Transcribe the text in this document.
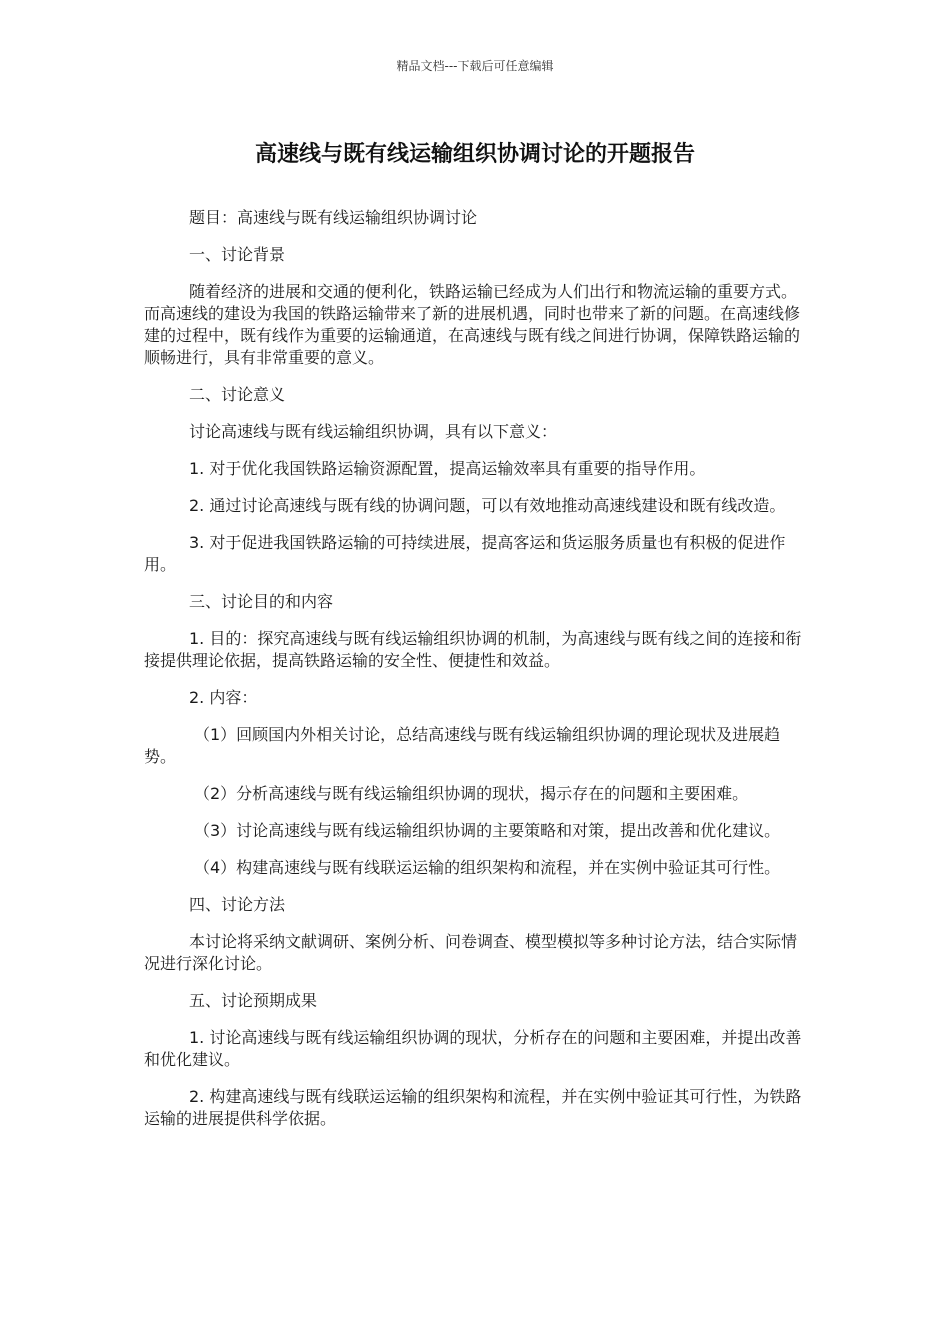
精品文档---下载后可任意编辑
高速线与既有线运输组织协调讨论的开题报告

题目：高速线与既有线运输组织协调讨论

一、讨论背景

随着经济的进展和交通的便利化，铁路运输已经成为人们出行和物流运输的重要方式。而高速线的建设为我国的铁路运输带来了新的进展机遇，同时也带来了新的问题。在高速线修建的过程中，既有线作为重要的运输通道，在高速线与既有线之间进行协调，保障铁路运输的顺畅进行，具有非常重要的意义。

二、讨论意义

讨论高速线与既有线运输组织协调，具有以下意义：

1. 对于优化我国铁路运输资源配置，提高运输效率具有重要的指导作用。

2. 通过讨论高速线与既有线的协调问题，可以有效地推动高速线建设和既有线改造。

3. 对于促进我国铁路运输的可持续进展，提高客运和货运服务质量也有积极的促进作用。

三、讨论目的和内容

1. 目的：探究高速线与既有线运输组织协调的机制，为高速线与既有线之间的连接和衔接提供理论依据，提高铁路运输的安全性、便捷性和效益。

2. 内容：

（1）回顾国内外相关讨论，总结高速线与既有线运输组织协调的理论现状及进展趋势。

（2）分析高速线与既有线运输组织协调的现状，揭示存在的问题和主要困难。

（3）讨论高速线与既有线运输组织协调的主要策略和对策，提出改善和优化建议。

（4）构建高速线与既有线联运运输的组织架构和流程，并在实例中验证其可行性。

四、讨论方法

本讨论将采纳文献调研、案例分析、问卷调查、模型模拟等多种讨论方法，结合实际情况进行深化讨论。

五、讨论预期成果

1. 讨论高速线与既有线运输组织协调的现状，分析存在的问题和主要困难，并提出改善和优化建议。

2. 构建高速线与既有线联运运输的组织架构和流程，并在实例中验证其可行性，为铁路运输的进展提供科学依据。
